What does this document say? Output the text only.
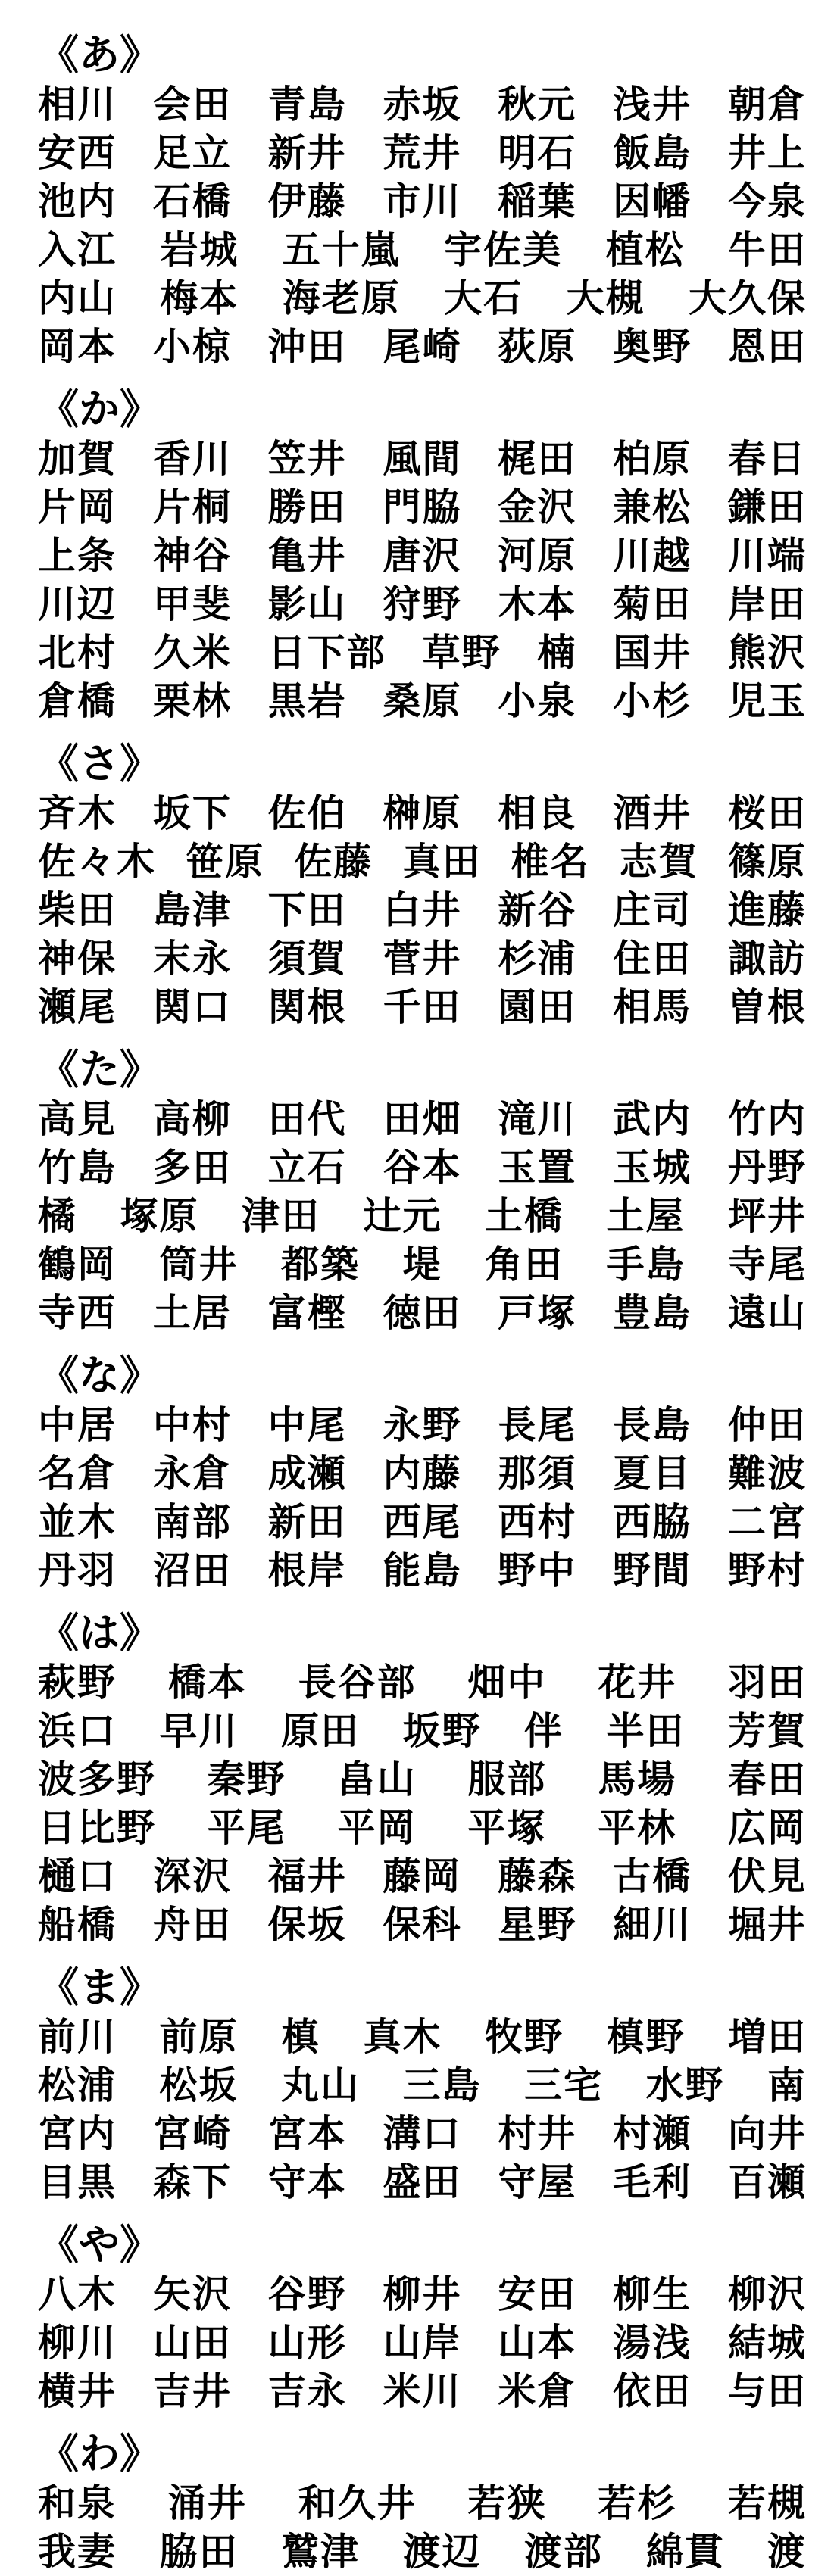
《あ》
相川 会田 青島 赤坂 秋元 浅井 朝倉
安西 足立 新井 荒井 明石 飯島 井上
池内 石橋 伊藤 市川 稲葉 因幡 今泉
入江 岩城 五十嵐 宇佐美 植松 牛田
内山 梅本 海老原 大石 大槻 大久保
岡本 小椋 沖田 尾崎 荻原 奥野 恩田
《か》
加賀 香川 笠井 風間 梶田 柏原 春日
片岡 片桐 勝田 門脇 金沢 兼松 鎌田
上条 神谷 亀井 唐沢 河原 川越 川端
川辺 甲斐 影山 狩野 木本 菊田 岸田
北村 久米 日下部 草野 楠 国井 熊沢
倉橋 栗林 黒岩 桑原 小泉 小杉 児玉
《さ》
斉木 坂下 佐伯 榊原 相良 酒井 桜田
佐々木 笹原 佐藤 真田 椎名 志賀 篠原
柴田 島津 下田 白井 新谷 庄司 進藤
神保 末永 須賀 菅井 杉浦 住田 諏訪
瀬尾 関口 関根 千田 園田 相馬 曽根
《た》
高見 高柳 田代 田畑 滝川 武内 竹内
竹島 多田 立石 谷本 玉置 玉城 丹野
橘 塚原 津田 辻元 土橋 土屋 坪井
鶴岡 筒井 都築 堤 角田 手島 寺尾
寺西 土居 富樫 徳田 戸塚 豊島 遠山
《な》
中居 中村 中尾 永野 長尾 長島 仲田
名倉 永倉 成瀬 内藤 那須 夏目 難波
並木 南部 新田 西尾 西村 西脇 二宮
丹羽 沼田 根岸 能島 野中 野間 野村
《は》
萩野 橋本 長谷部 畑中 花井 羽田
浜口 早川 原田 坂野 伴 半田 芳賀
波多野 秦野 畠山 服部 馬場 春田
日比野 平尾 平岡 平塚 平林 広岡
樋口 深沢 福井 藤岡 藤森 古橋 伏見
船橋 舟田 保坂 保科 星野 細川 堀井
《ま》
前川 前原 槙 真木 牧野 槙野 増田
松浦 松坂 丸山 三島 三宅 水野 南
宮内 宮崎 宮本 溝口 村井 村瀬 向井
目黒 森下 守本 盛田 守屋 毛利 百瀬
《や》
八木 矢沢 谷野 柳井 安田 柳生 柳沢
柳川 山田 山形 山岸 山本 湯浅 結城
横井 吉井 吉永 米川 米倉 依田 与田
《わ》
和泉 涌井 和久井 若狭 若杉 若槻
我妻 脇田 鷲津 渡辺 渡部 綿貫 渡
